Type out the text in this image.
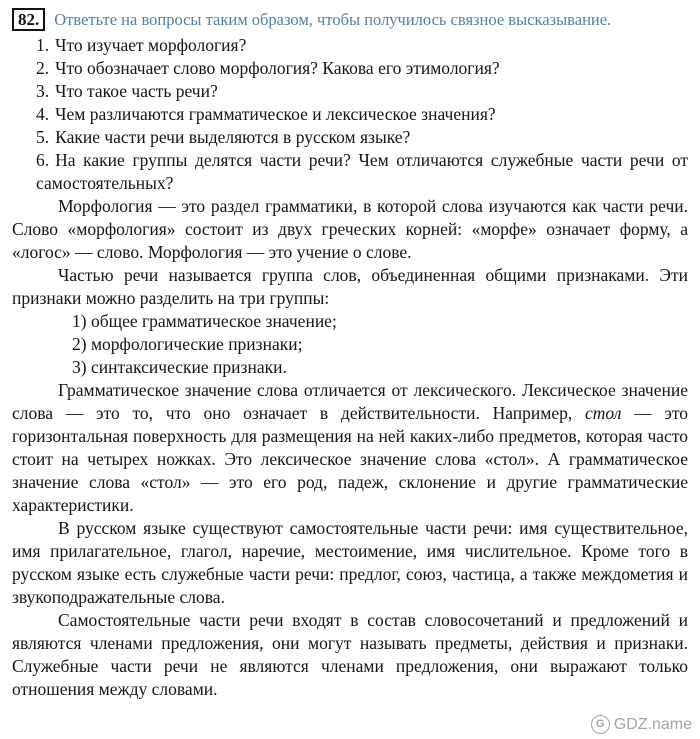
82. Ответьте на вопросы таким образом, чтобы получилось связное высказывание.
1. Что изучает морфология?
2. Что обозначает слово морфология? Какова его этимология?
3. Что такое часть речи?
4. Чем различаются грамматическое и лексическое значения?
5. Какие части речи выделяются в русском языке?
6. На какие группы делятся части речи? Чем отличаются служебные части речи от самостоятельных?

Морфология — это раздел грамматики, в которой слова изучаются как части речи. Слово «морфология» состоит из двух греческих корней: «морфе» означает форму, а «логос» — слово. Морфология — это учение о слове.

Частью речи называется группа слов, объединенная общими признаками. Эти признаки можно разделить на три группы:

1) общее грамматическое значение;
2) морфологические признаки;
3) синтаксические признаки.

Грамматическое значение слова отличается от лексического. Лексическое значение слова — это то, что оно означает в действительности. Например, стол — это горизонтальная поверхность для размещения на ней каких-либо предметов, которая часто стоит на четырех ножках. Это лексическое значение слова «стол». А грамматическое значение слова «стол» — это его род, падеж, склонение и другие грамматические характеристики.

В русском языке существуют самостоятельные части речи: имя существительное, имя прилагательное, глагол, наречие, местоимение, имя числительное. Кроме того в русском языке есть служебные части речи: предлог, союз, частица, а также междометия и звукоподражательные слова.

Самостоятельные части речи входят в состав словосочетаний и предложений и являются членами предложения, они могут называть предметы, действия и признаки. Служебные части речи не являются членами предложения, они выражают только отношения между словами.

G GDZ.name
